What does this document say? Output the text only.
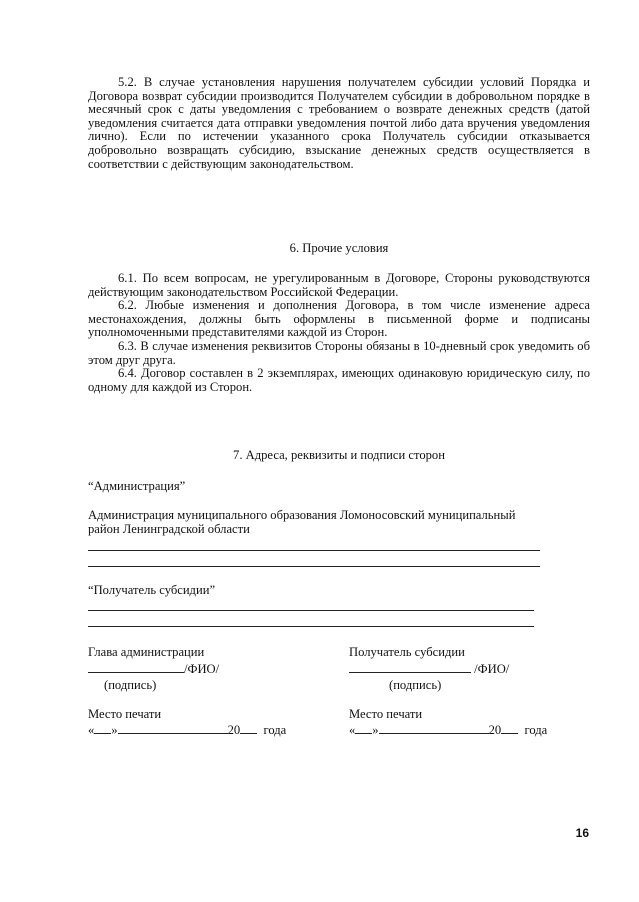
5.2. В случае установления нарушения получателем субсидии условий Порядка и Договора возврат субсидии производится Получателем субсидии в добровольном порядке в месячный срок с даты уведомления с требованием о возврате денежных средств (датой уведомления считается дата отправки уведомления почтой либо дата вручения уведомления лично). Если по истечении указанного срока Получатель субсидии отказывается добровольно возвращать субсидию, взыскание денежных средств осуществляется в соответствии с действующим законодательством.

6. Прочие условия

6.1. По всем вопросам, не урегулированным в Договоре, Стороны руководствуются действующим законодательством Российской Федерации.

6.2. Любые изменения и дополнения Договора, в том числе изменение адреса местонахождения, должны быть оформлены в письменной форме и подписаны уполномоченными представителями каждой из Сторон.

6.3. В случае изменения реквизитов Стороны обязаны в 10-дневный срок уведомить об этом друг друга.

6.4. Договор составлен в 2 экземплярах, имеющих одинаковую юридическую силу, по одному для каждой из Сторон.

7. Адреса, реквизиты и подписи сторон
“Администрация”

Администрация муниципального образования Ломоносовский муниципальный район Ленинградской области

“Получатель субсидии”
Глава администрации
/ФИО/
(подпись)
Место печати
« »	20 года
Получатель субсидии
/ФИО/
(подпись)
Место печати
« »	20 года
16
